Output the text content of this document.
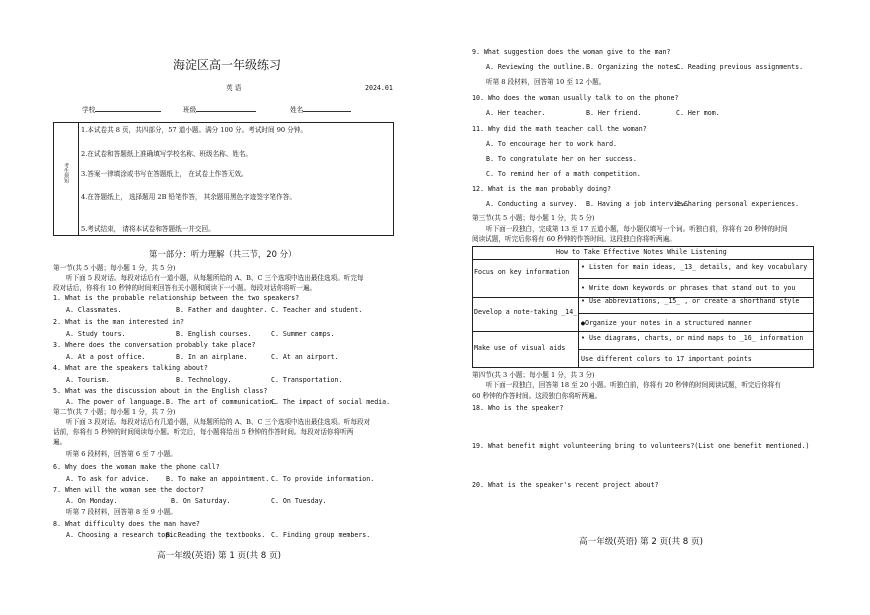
海淀区高一年级练习
英 语	2024.01
学校	班级	姓名
考生须知
1.本试卷共 8 页，共四部分，57 道小题。满分 100 分。考试时间 90 分钟。
2.在试卷和答题纸上准确填写学校名称、班级名称、姓名。
3.答案一律填涂或书写在答题纸上， 在试卷上作答无效。
4.在答题纸上， 选择题用 2B 铅笔作答， 其余题用黑色字迹签字笔作答。
5.考试结束， 请将本试卷和答题纸一并交回。
第一部分：听力理解（共三节，20 分）
第一节(共 5 小题；每小题 1 分，共 5 分)
听下面 5 段对话。每段对话后有一道小题，从每题所给的 A、B、C 三个选项中选出最佳选项。听完每
段对话后，你将有 10 秒钟的时间来回答有关小题和阅读下一小题。每段对话你将听一遍。
1. What is the probable relationship between the two speakers?
A. Classmates.	B. Father and daughter. C. Teacher and student.
2. What is the man interested in?
A. Study tours.	B. English courses.	C. Summer camps.
3. Where does the conversation probably take place?
A. At a post office.	B. In an airplane.	C. At an airport.
4. What are the speakers talking about?
A. Tourism.	B. Technology.	C. Transportation.
5. What was the discussion about in the English class?
A. The power of language. B. The art of communication.
C. The impact of social media.
第二节(共 7 小题；每小题 1 分，共 7 分)
听下面 3 段对话。每段对话后有几道小题，从每题所给的 A、B、C 三个选项中选出最佳选项。听每段对
话前，你将有 5 秒钟的时间阅读每小题。听完后，每小题将给出 5 秒钟的作答时间。每段对话你将听两
遍。
听第 6 段材料，回答第 6 至 7 小题。
6. Why does the woman make the phone call?
A. To ask for advice.	B. To make an appointment. C. To provide information.
7. When will the woman see the doctor?
A. On Monday.	B. On Saturday.	C. On Tuesday.
听第 7 段材料，回答第 8 至 9 小题。
8. What difficulty does the man have?
A. Choosing a research topic.
B. Reading the textbooks. C. Finding group members.
高一年级(英语) 第 1 页(共 8 页)
9. What suggestion does the woman give to the man?
A. Reviewing the outline. B. Organizing the notes.
C. Reading previous assignments.
听第 8 段材料，回答第 10 至 12 小题。
10. Who does the woman usually talk to on the phone?
A. Her teacher.	B. Her friend.	C. Her mom.
11. Why did the math teacher call the woman?
A. To encourage her to work hard.
B. To congratulate her on her success.
C. To remind her of a math competition.
12. What is the man probably doing?
A. Conducting a survey. B. Having a job interview.
C.Sharing personal experiences.
第三节(共 5 小题；每小题 1 分，共 5 分)
听下面一段独白，完成第 13 至 17 五道小题，每小题仅填写一个词。听独白前，你将有 20 秒钟的时间
阅读试题，听完后你将有 60 秒钟的作答时间。这段独白你将听两遍。
How to Take Effective Notes While Listening
Focus on key information
• Listen for main ideas, _13_ details, and key vocabulary
• Write down keywords or phrases that stand out to you
Develop a note-taking _14_
• Use abbreviations, _15_ , or create a shorthand style
●Organize your notes in a structured manner
Make use of visual aids
• Use diagrams, charts, or mind maps to _16_ information
Use different colors to 17 important points
第四节(共 3 小题；每小题 1 分，共 3 分)
听下面一段独白，回答第 18 至 20 小题。听独白前，你将有 20 秒钟的时间阅读试题，听完后你将有
60 秒钟的作答时间。这段独白你将听两遍。
18. Who is the speaker?
19. What benefit might volunteering bring to volunteers?(List one benefit mentioned.)
20. What is the speaker's recent project about?
高一年级(英语) 第 2 页(共 8 页)
